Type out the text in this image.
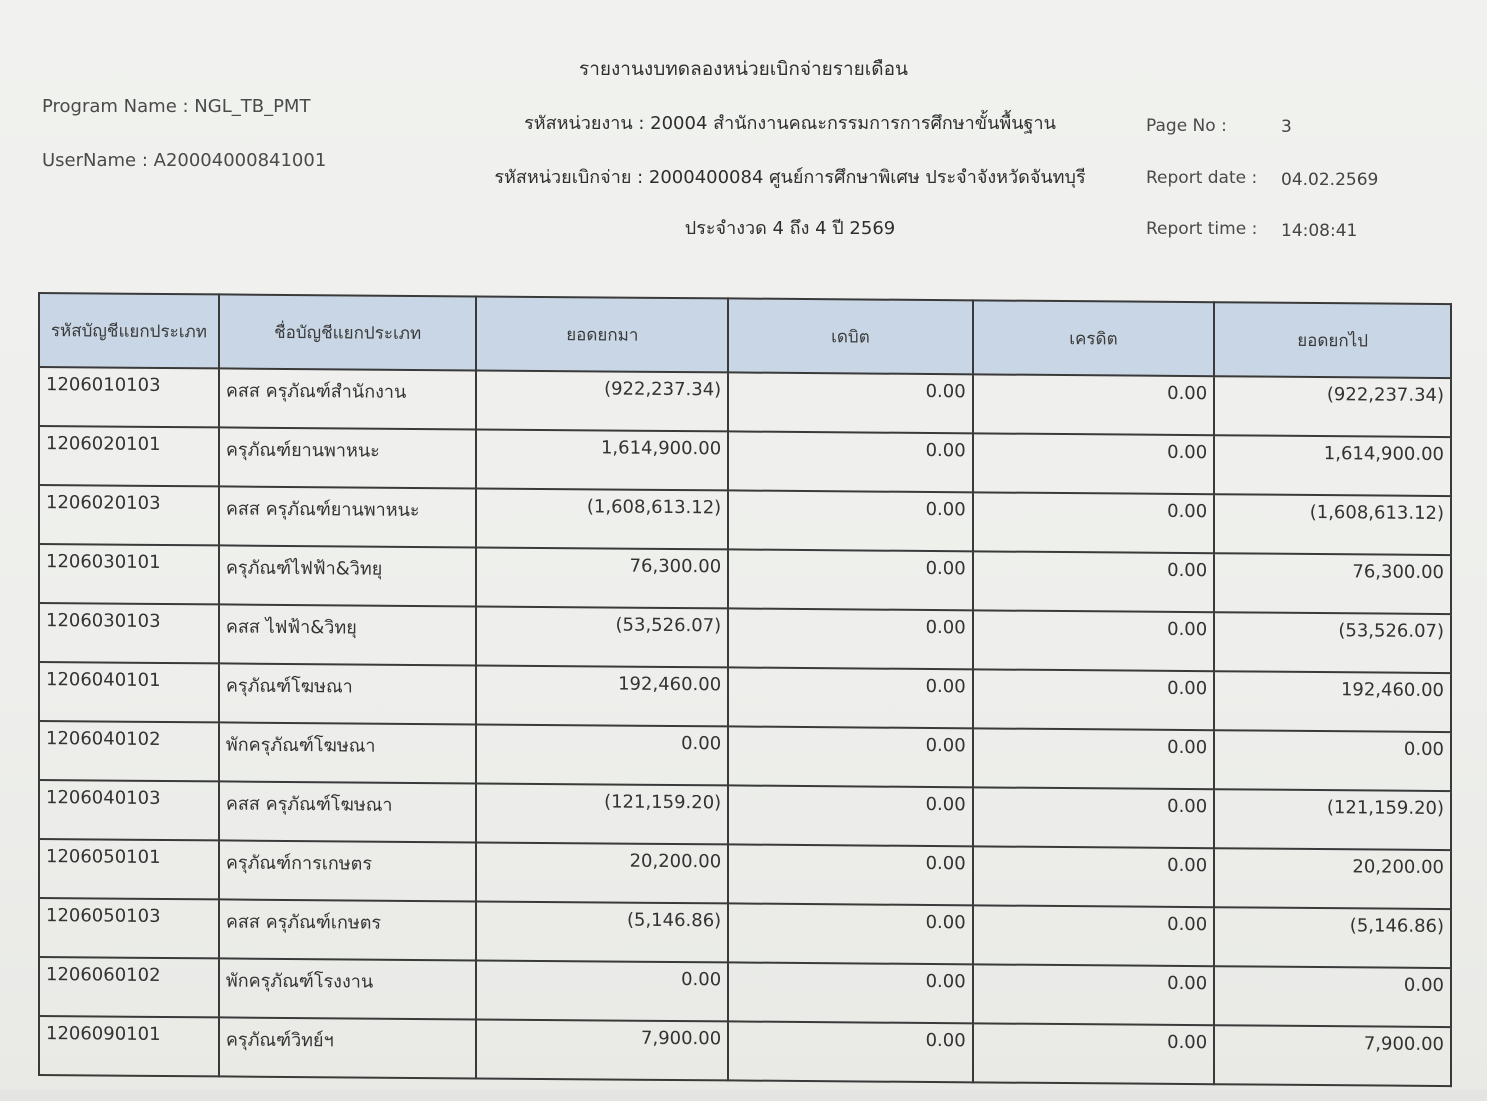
รายงานงบทดลองหน่วยเบิกจ่ายรายเดือน
Program Name : NGL_TB_PMT
UserName : A20004000841001
รหัสหน่วยงาน : 20004 สำนักงานคณะกรรมการการศึกษาขั้นพื้นฐาน
รหัสหน่วยเบิกจ่าย : 2000400084 ศูนย์การศึกษาพิเศษ ประจำจังหวัดจันทบุรี
ประจำงวด 4 ถึง 4 ปี 2569
Page No :	3
Report date : 04.02.2569
Report time : 14:08:41
รหัสบัญชีแยกประเภท	ชื่อบัญชีแยกประเภท	ยอดยกมา	เดบิต	เครดิต	ยอดยกไป
1206010103	คสส ครุภัณฑ์สำนักงาน	(922,237.34)	0.00	0.00	(922,237.34)
1206020101	ครุภัณฑ์ยานพาหนะ	1,614,900.00	0.00	0.00	1,614,900.00
1206020103	คสส ครุภัณฑ์ยานพาหนะ	(1,608,613.12)	0.00	0.00	(1,608,613.12)
1206030101	ครุภัณฑ์ไฟฟ้า&วิทยุ	76,300.00	0.00	0.00	76,300.00
1206030103	คสส ไฟฟ้า&วิทยุ	(53,526.07)	0.00	0.00	(53,526.07)
1206040101	ครุภัณฑ์โฆษณา	192,460.00	0.00	0.00	192,460.00
1206040102	พักครุภัณฑ์โฆษณา	0.00	0.00	0.00	0.00
1206040103	คสส ครุภัณฑ์โฆษณา	(121,159.20)	0.00	0.00	(121,159.20)
1206050101	ครุภัณฑ์การเกษตร	20,200.00	0.00	0.00	20,200.00
1206050103	คสส ครุภัณฑ์เกษตร	(5,146.86)	0.00	0.00	(5,146.86)
1206060102	พักครุภัณฑ์โรงงาน	0.00	0.00	0.00	0.00
1206090101	ครุภัณฑ์วิทย์ฯ	7,900.00	0.00	0.00	7,900.00
